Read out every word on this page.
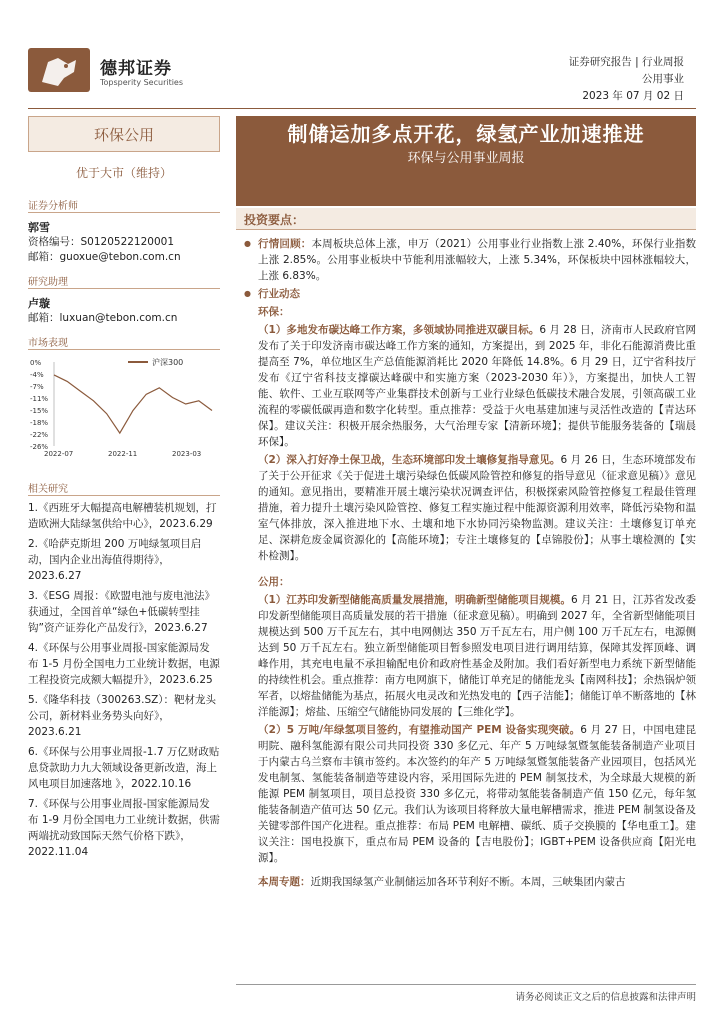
德邦证券
Topsperity Securities
证券研究报告 | 行业周报
公用事业
2023 年 07 月 02 日
环保公用
优于大市（维持）
证券分析师
郭雪
资格编号：S0120522120001
邮箱：guoxue@tebon.com.cn
研究助理
卢璇
邮箱：luxuan@tebon.com.cn
市场表现
0%
-4%
-7%
-11%
-15%
-18%
-22%
-26%
2022-07	2022-11	2023-03
沪深300
相关研究
1.《西班牙大幅提高电解槽装机规划，打造欧洲大陆绿氢供给中心》，2023.6.29
2.《哈萨克斯坦 200 万吨绿氢项目启动，国内企业出海值得期待》，2023.6.27
3.《ESG 周报：《欧盟电池与废电池法》获通过，全国首单“绿色+低碳转型挂钩”资产证券化产品发行》，2023.6.27
4.《环保与公用事业周报-国家能源局发布 1-5 月份全国电力工业统计数据，电源工程投资完成额大幅提升》，2023.6.25
5.《隆华科技（300263.SZ）：靶材龙头公司，新材料业务势头向好》，2023.6.21
6.《环保与公用事业周报-1.7 万亿财政贴息贷款助力九大领域设备更新改造，海上风电项目加速落地 》，2022.10.16
7.《环保与公用事业周报-国家能源局发布 1-9 月份全国电力工业统计数据，供需两端扰动致国际天然气价格下跌》，2022.11.04
制储运加多点开花，绿氢产业加速推进
环保与公用事业周报
投资要点：
● 行情回顾：本周板块总体上涨，申万（2021）公用事业行业指数上涨 2.40%，环保行业指数上涨 2.85%。公用事业板块中节能利用涨幅较大，上涨 5.34%，环保板块中园林涨幅较大，上涨 6.83%。
● 行业动态
环保：
（1）多地发布碳达峰工作方案，多领域协同推进双碳目标。6 月 28 日，济南市人民政府官网发布了关于印发济南市碳达峰工作方案的通知，方案提出，到 2025 年，非化石能源消费比重提高至 7%，单位地区生产总值能源消耗比 2020 年降低 14.8%。6 月 29 日，辽宁省科技厅发布《辽宁省科技支撑碳达峰碳中和实施方案（2023-2030 年）》，方案提出，加快人工智能、软件、工业互联网等产业集群技术创新与工业行业绿色低碳技术融合发展，引领高碳工业流程的零碳低碳再造和数字化转型。重点推荐：受益于火电基建加速与灵活性改造的【青达环保】。建议关注：积极开展余热服务，大气治理专家【清新环境】；提供节能服务装备的【瑞晨环保】。
（2）深入打好净土保卫战，生态环境部印发土壤修复指导意见。6 月 26 日，生态环境部发布了关于公开征求《关于促进土壤污染绿色低碳风险管控和修复的指导意见（征求意见稿）》意见的通知。意见指出，要精准开展土壤污染状况调查评估，积极探索风险管控修复工程最佳管理措施，着力提升土壤污染风险管控、修复工程实施过程中能源资源利用效率，降低污染物和温室气体排放，深入推进地下水、土壤和地下水协同污染物监测。建议关注：土壤修复订单充足、深耕危废金属资源化的【高能环境】；专注土壤修复的【卓锦股份】；从事土壤检测的【实朴检测】。
公用：
（1）江苏印发新型储能高质量发展措施，明确新型储能项目规模。6 月 21 日，江苏省发改委印发新型储能项目高质量发展的若干措施（征求意见稿）。明确到 2027 年，全省新型储能项目规模达到 500 万千瓦左右，其中电网侧达 350 万千瓦左右，用户侧 100 万千瓦左右，电源侧达到 50 万千瓦左右。独立新型储能项目暂参照发电项目进行调用结算，保障其发挥顶峰、调峰作用，其充电电量不承担输配电价和政府性基金及附加。我们看好新型电力系统下新型储能的持续性机会。重点推荐：南方电网旗下，储能订单充足的储能龙头【南网科技】；余热锅炉领军者，以熔盐储能为基点，拓展火电灵改和光热发电的【西子洁能】；储能订单不断落地的【林洋能源】；熔盐、压缩空气储能协同发展的【三维化学】。
（2）5 万吨/年绿氢项目签约，有望推动国产 PEM 设备实现突破。6 月 27 日，中国电建昆明院、融科氢能源有限公司共同投资 330 多亿元、年产 5 万吨绿氢暨氢能装备制造产业项目于内蒙古乌兰察布丰镇市签约。本次签约的年产 5 万吨绿氢暨氢能装备产业园项目，包括风光发电制氢、氢能装备制造等建设内容，采用国际先进的 PEM 制氢技术，为全球最大规模的新能源 PEM 制氢项目，项目总投资 330 多亿元，将带动氢能装备制造产值 150 亿元，每年氢能装备制造产值可达 50 亿元。我们认为该项目将释放大量电解槽需求，推进 PEM 制氢设备及关键零部件国产化进程。重点推荐：布局 PEM 电解槽、碳纸、质子交换膜的【华电重工】。建议关注：国电投旗下，重点布局 PEM 设备的【吉电股份】；IGBT+PEM 设备供应商【阳光电源】。
本周专题：近期我国绿氢产业制储运加各环节利好不断。本周，三峡集团内蒙古
请务必阅读正文之后的信息披露和法律声明
